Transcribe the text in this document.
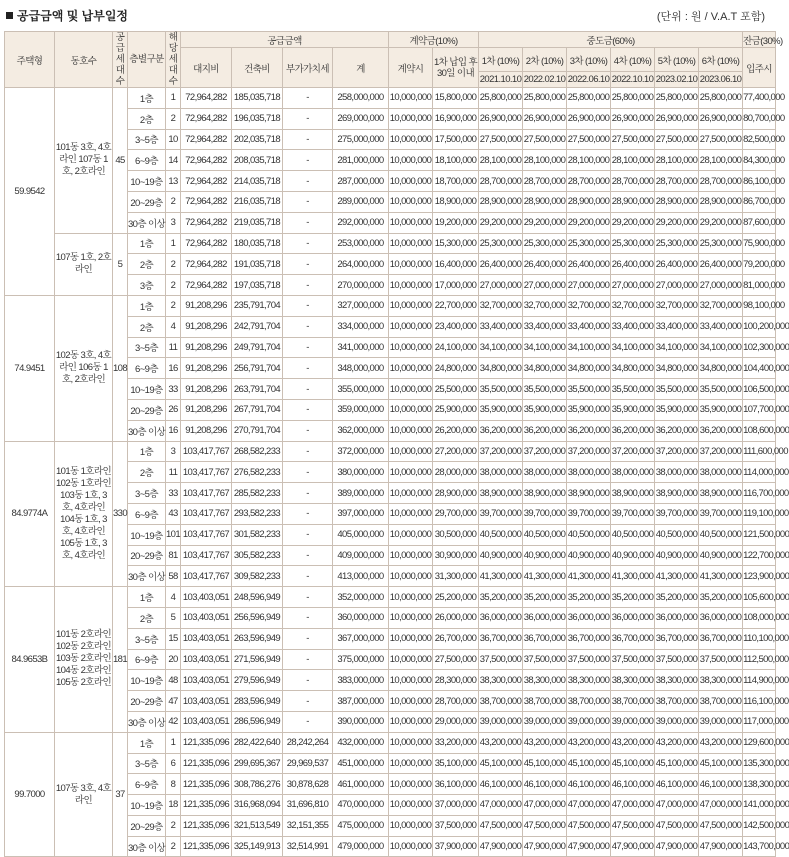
공급금액 및 납부일정	(단위 : 원 / V.A.T 포함)
주택형	동호수	공급세대수	층별구분	해당세대수	공급금액				계약금(10%)		중도금(60%)						잔금(30%)
					대지비	건축비	부가가치세	계	계약시	1차 납입 후 30일 이내	1차 (10%)	2차 (10%)	3차 (10%)	4차 (10%)	5차 (10%)	6차 (10%)	입주시
											2021.10.10	2022.02.10	2022.06.10	2022.10.10	2023.02.10	2023.06.10	
59.9542	101동 3호, 4호라인 107동 1호, 2호라인	45	1층	1	72,964,282	185,035,718	-	258,000,000	10,000,000	15,800,000	25,800,000	25,800,000	25,800,000	25,800,000	25,800,000	25,800,000	77,400,000
			2층	2	72,964,282	196,035,718	-	269,000,000	10,000,000	16,900,000	26,900,000	26,900,000	26,900,000	26,900,000	26,900,000	26,900,000	80,700,000
			3~5층	10	72,964,282	202,035,718	-	275,000,000	10,000,000	17,500,000	27,500,000	27,500,000	27,500,000	27,500,000	27,500,000	27,500,000	82,500,000
			6~9층	14	72,964,282	208,035,718	-	281,000,000	10,000,000	18,100,000	28,100,000	28,100,000	28,100,000	28,100,000	28,100,000	28,100,000	84,300,000
			10~19층	13	72,964,282	214,035,718	-	287,000,000	10,000,000	18,700,000	28,700,000	28,700,000	28,700,000	28,700,000	28,700,000	28,700,000	86,100,000
			20~29층	2	72,964,282	216,035,718	-	289,000,000	10,000,000	18,900,000	28,900,000	28,900,000	28,900,000	28,900,000	28,900,000	28,900,000	86,700,000
			30층 이상	3	72,964,282	219,035,718	-	292,000,000	10,000,000	19,200,000	29,200,000	29,200,000	29,200,000	29,200,000	29,200,000	29,200,000	87,600,000
	107동 1호, 2호라인	5	1층	1	72,964,282	180,035,718	-	253,000,000	10,000,000	15,300,000	25,300,000	25,300,000	25,300,000	25,300,000	25,300,000	25,300,000	75,900,000
			2층	2	72,964,282	191,035,718	-	264,000,000	10,000,000	16,400,000	26,400,000	26,400,000	26,400,000	26,400,000	26,400,000	26,400,000	79,200,000
			3층	2	72,964,282	197,035,718	-	270,000,000	10,000,000	17,000,000	27,000,000	27,000,000	27,000,000	27,000,000	27,000,000	27,000,000	81,000,000
74.9451	102동 3호, 4호라인 106동 1호, 2호라인	108	1층	2	91,208,296	235,791,704	-	327,000,000	10,000,000	22,700,000	32,700,000	32,700,000	32,700,000	32,700,000	32,700,000	32,700,000	98,100,000
			2층	4	91,208,296	242,791,704	-	334,000,000	10,000,000	23,400,000	33,400,000	33,400,000	33,400,000	33,400,000	33,400,000	33,400,000	100,200,000
			3~5층	11	91,208,296	249,791,704	-	341,000,000	10,000,000	24,100,000	34,100,000	34,100,000	34,100,000	34,100,000	34,100,000	34,100,000	102,300,000
			6~9층	16	91,208,296	256,791,704	-	348,000,000	10,000,000	24,800,000	34,800,000	34,800,000	34,800,000	34,800,000	34,800,000	34,800,000	104,400,000
			10~19층	33	91,208,296	263,791,704	-	355,000,000	10,000,000	25,500,000	35,500,000	35,500,000	35,500,000	35,500,000	35,500,000	35,500,000	106,500,000
			20~29층	26	91,208,296	267,791,704	-	359,000,000	10,000,000	25,900,000	35,900,000	35,900,000	35,900,000	35,900,000	35,900,000	35,900,000	107,700,000
			30층 이상	16	91,208,296	270,791,704	-	362,000,000	10,000,000	26,200,000	36,200,000	36,200,000	36,200,000	36,200,000	36,200,000	36,200,000	108,600,000
84.9774A	101동 1호라인 102동 1호라인 103동 1호, 3호, 4호라인 104동 1호, 3호, 4호라인 105동 1호, 3호, 4호라인	330	1층	3	103,417,767	268,582,233	-	372,000,000	10,000,000	27,200,000	37,200,000	37,200,000	37,200,000	37,200,000	37,200,000	37,200,000	111,600,000
			2층	11	103,417,767	276,582,233	-	380,000,000	10,000,000	28,000,000	38,000,000	38,000,000	38,000,000	38,000,000	38,000,000	38,000,000	114,000,000
			3~5층	33	103,417,767	285,582,233	-	389,000,000	10,000,000	28,900,000	38,900,000	38,900,000	38,900,000	38,900,000	38,900,000	38,900,000	116,700,000
			6~9층	43	103,417,767	293,582,233	-	397,000,000	10,000,000	29,700,000	39,700,000	39,700,000	39,700,000	39,700,000	39,700,000	39,700,000	119,100,000
			10~19층	101	103,417,767	301,582,233	-	405,000,000	10,000,000	30,500,000	40,500,000	40,500,000	40,500,000	40,500,000	40,500,000	40,500,000	121,500,000
			20~29층	81	103,417,767	305,582,233	-	409,000,000	10,000,000	30,900,000	40,900,000	40,900,000	40,900,000	40,900,000	40,900,000	40,900,000	122,700,000
			30층 이상	58	103,417,767	309,582,233	-	413,000,000	10,000,000	31,300,000	41,300,000	41,300,000	41,300,000	41,300,000	41,300,000	41,300,000	123,900,000
84.9653B	101동 2호라인 102동 2호라인 103동 2호라인 104동 2호라인 105동 2호라인	181	1층	4	103,403,051	248,596,949	-	352,000,000	10,000,000	25,200,000	35,200,000	35,200,000	35,200,000	35,200,000	35,200,000	35,200,000	105,600,000
			2층	5	103,403,051	256,596,949	-	360,000,000	10,000,000	26,000,000	36,000,000	36,000,000	36,000,000	36,000,000	36,000,000	36,000,000	108,000,000
			3~5층	15	103,403,051	263,596,949	-	367,000,000	10,000,000	26,700,000	36,700,000	36,700,000	36,700,000	36,700,000	36,700,000	36,700,000	110,100,000
			6~9층	20	103,403,051	271,596,949	-	375,000,000	10,000,000	27,500,000	37,500,000	37,500,000	37,500,000	37,500,000	37,500,000	37,500,000	112,500,000
			10~19층	48	103,403,051	279,596,949	-	383,000,000	10,000,000	28,300,000	38,300,000	38,300,000	38,300,000	38,300,000	38,300,000	38,300,000	114,900,000
			20~29층	47	103,403,051	283,596,949	-	387,000,000	10,000,000	28,700,000	38,700,000	38,700,000	38,700,000	38,700,000	38,700,000	38,700,000	116,100,000
			30층 이상	42	103,403,051	286,596,949	-	390,000,000	10,000,000	29,000,000	39,000,000	39,000,000	39,000,000	39,000,000	39,000,000	39,000,000	117,000,000
99.7000	107동 3호, 4호라인	37	1층	1	121,335,096	282,422,640	28,242,264	432,000,000	10,000,000	33,200,000	43,200,000	43,200,000	43,200,000	43,200,000	43,200,000	43,200,000	129,600,000
			3~5층	6	121,335,096	299,695,367	29,969,537	451,000,000	10,000,000	35,100,000	45,100,000	45,100,000	45,100,000	45,100,000	45,100,000	45,100,000	135,300,000
			6~9층	8	121,335,096	308,786,276	30,878,628	461,000,000	10,000,000	36,100,000	46,100,000	46,100,000	46,100,000	46,100,000	46,100,000	46,100,000	138,300,000
			10~19층	18	121,335,096	316,968,094	31,696,810	470,000,000	10,000,000	37,000,000	47,000,000	47,000,000	47,000,000	47,000,000	47,000,000	47,000,000	141,000,000
			20~29층	2	121,335,096	321,513,549	32,151,355	475,000,000	10,000,000	37,500,000	47,500,000	47,500,000	47,500,000	47,500,000	47,500,000	47,500,000	142,500,000
			30층 이상	2	121,335,096	325,149,913	32,514,991	479,000,000	10,000,000	37,900,000	47,900,000	47,900,000	47,900,000	47,900,000	47,900,000	47,900,000	143,700,000
